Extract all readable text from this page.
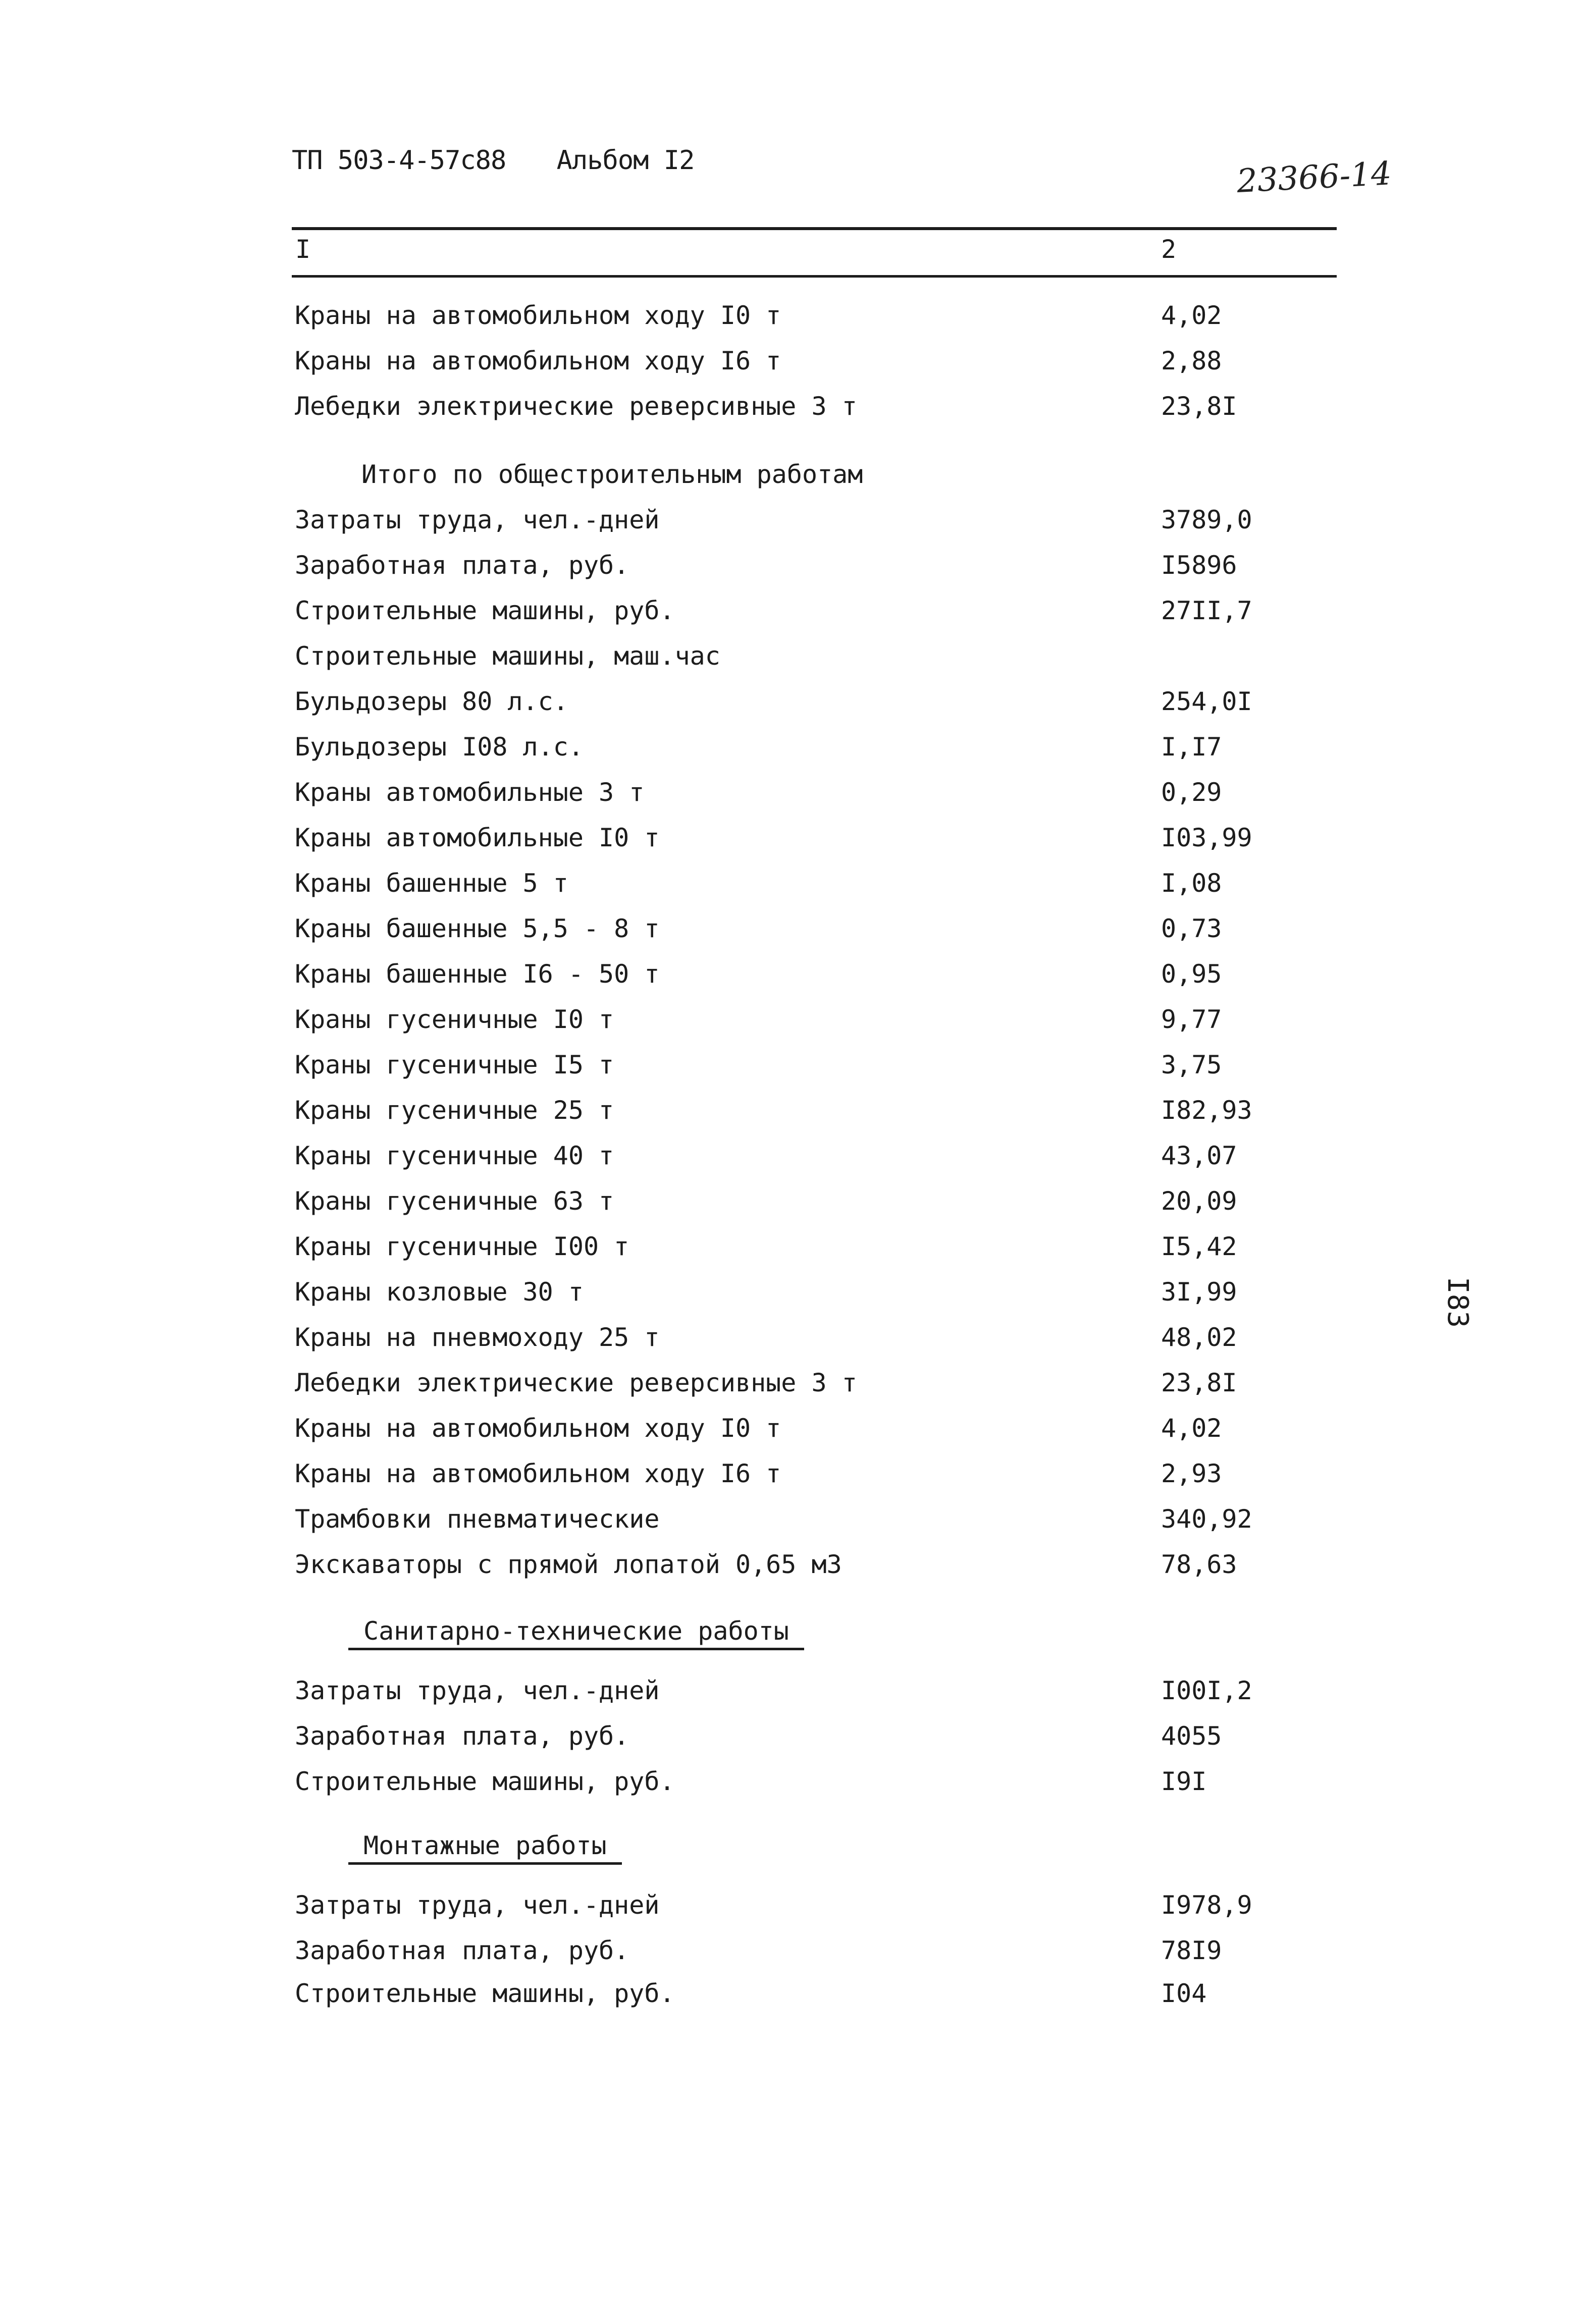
ТП 503-4-57с88 Альбом I2	23366-14
I83
I	2
Краны на автомобильном ходу I0 т	4,02
Краны на автомобильном ходу I6 т	2,88
Лебедки электрические реверсивные 3 т	23,8I
Итого по общестроительным работам
Затраты труда, чел.-дней	3789,0
Заработная плата, руб.	I5896
Строительные машины, руб.	27II,7
Строительные машины, маш.час
Бульдозеры 80 л.с.	254,0I
Бульдозеры I08 л.с.	I,I7
Краны автомобильные 3 т	0,29
Краны автомобильные I0 т	I03,99
Краны башенные 5 т	I,08
Краны башенные 5,5 - 8 т	0,73
Краны башенные I6 - 50 т	0,95
Краны гусеничные I0 т	9,77
Краны гусеничные I5 т	3,75
Краны гусеничные 25 т	I82,93
Краны гусеничные 40 т	43,07
Краны гусеничные 63 т	20,09
Краны гусеничные I00 т	I5,42
Краны козловые 30 т	3I,99
Краны на пневмоходу 25 т	48,02
Лебедки электрические реверсивные 3 т	23,8I
Краны на автомобильном ходу I0 т	4,02
Краны на автомобильном ходу I6 т	2,93
Трамбовки пневматические	340,92
Экскаваторы с прямой лопатой 0,65 м3	78,63
Санитарно-технические работы
Затраты труда, чел.-дней	I00I,2
Заработная плата, руб.	4055
Строительные машины, руб.	I9I
Монтажные работы
Затраты труда, чел.-дней	I978,9
Заработная плата, руб.	78I9
Строительные машины, руб.	I04
